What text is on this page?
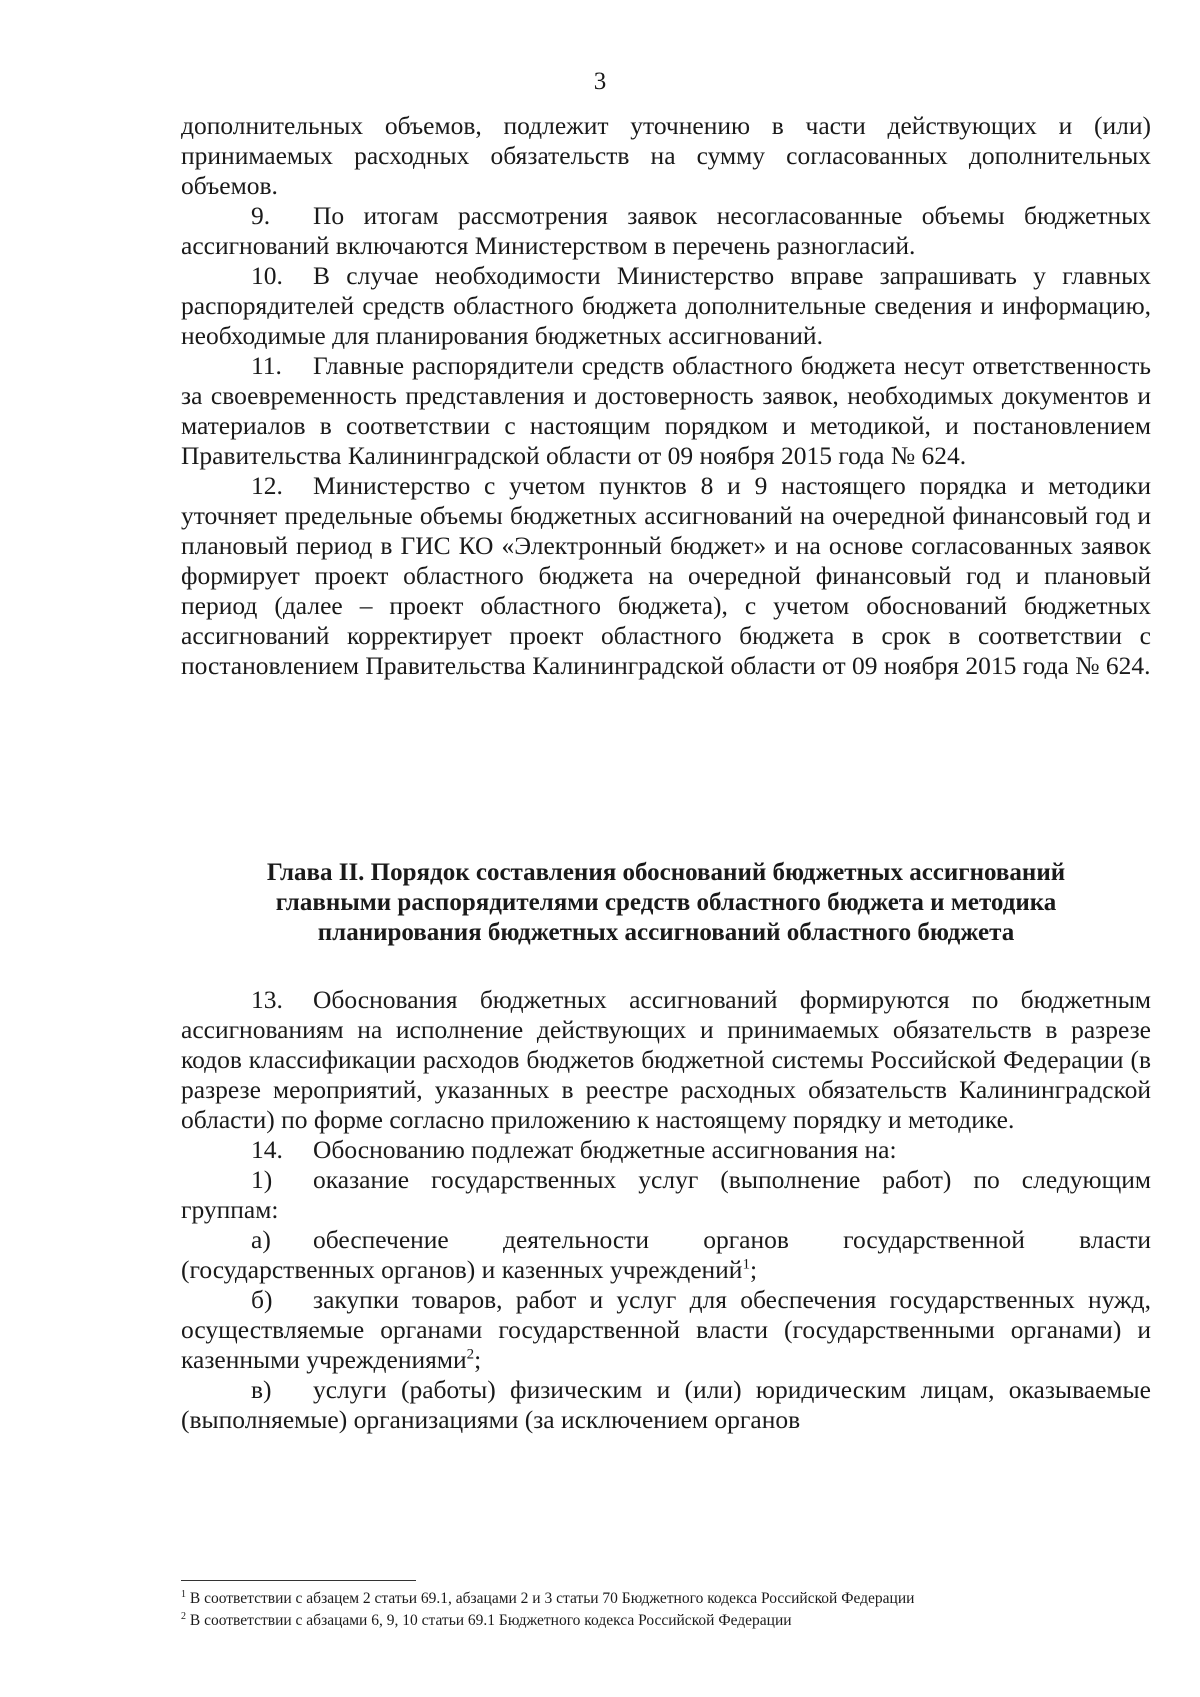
3

дополнительных объемов, подлежит уточнению в части действующих и (или) принимаемых расходных обязательств на сумму согласованных дополнительных объемов.

9. По итогам рассмотрения заявок несогласованные объемы бюджетных ассигнований включаются Министерством в перечень разногласий.

10. В случае необходимости Министерство вправе запрашивать у главных распорядителей средств областного бюджета дополнительные сведения и информацию, необходимые для планирования бюджетных ассигнований.

11. Главные распорядители средств областного бюджета несут ответственность за своевременность представления и достоверность заявок, необходимых документов и материалов в соответствии с настоящим порядком и методикой, и постановлением Правительства Калининградской области от 09 ноября 2015 года № 624.

12. Министерство с учетом пунктов 8 и 9 настоящего порядка и методики уточняет предельные объемы бюджетных ассигнований на очередной финансовый год и плановый период в ГИС КО «Электронный бюджет» и на основе согласованных заявок формирует проект областного бюджета на очередной финансовый год и плановый период (далее – проект областного бюджета), с учетом обоснований бюджетных ассигнований корректирует проект областного бюджета в срок в соответствии с постановлением Правительства Калининградской области от 09 ноября 2015 года № 624.

Глава II. Порядок составления обоснований бюджетных ассигнований

главными распорядителями средств областного бюджета и методика

планирования бюджетных ассигнований областного бюджета

13. Обоснования бюджетных ассигнований формируются по бюджетным ассигнованиям на исполнение действующих и принимаемых обязательств в разрезе кодов классификации расходов бюджетов бюджетной системы Российской Федерации (в разрезе мероприятий, указанных в реестре расходных обязательств Калининградской области) по форме согласно приложению к настоящему порядку и методике.

14. Обоснованию подлежат бюджетные ассигнования на:

1) оказание государственных услуг (выполнение работ) по следующим группам:

а) обеспечение деятельности органов государственной власти (государственных органов) и казенных учреждений$^1$;

б) закупки товаров, работ и услуг для обеспечения государственных нужд, осуществляемые органами государственной власти (государственными органами) и казенными учреждениями$^2$;

в) услуги (работы) физическим и (или) юридическим лицам, оказываемые (выполняемые) организациями (за исключением органов

$^1$ В соответствии с абзацем 2 статьи 69.1, абзацами 2 и 3 статьи 70 Бюджетного кодекса Российской Федерации

$^2$ В соответствии с абзацами 6, 9, 10 статьи 69.1 Бюджетного кодекса Российской Федерации
